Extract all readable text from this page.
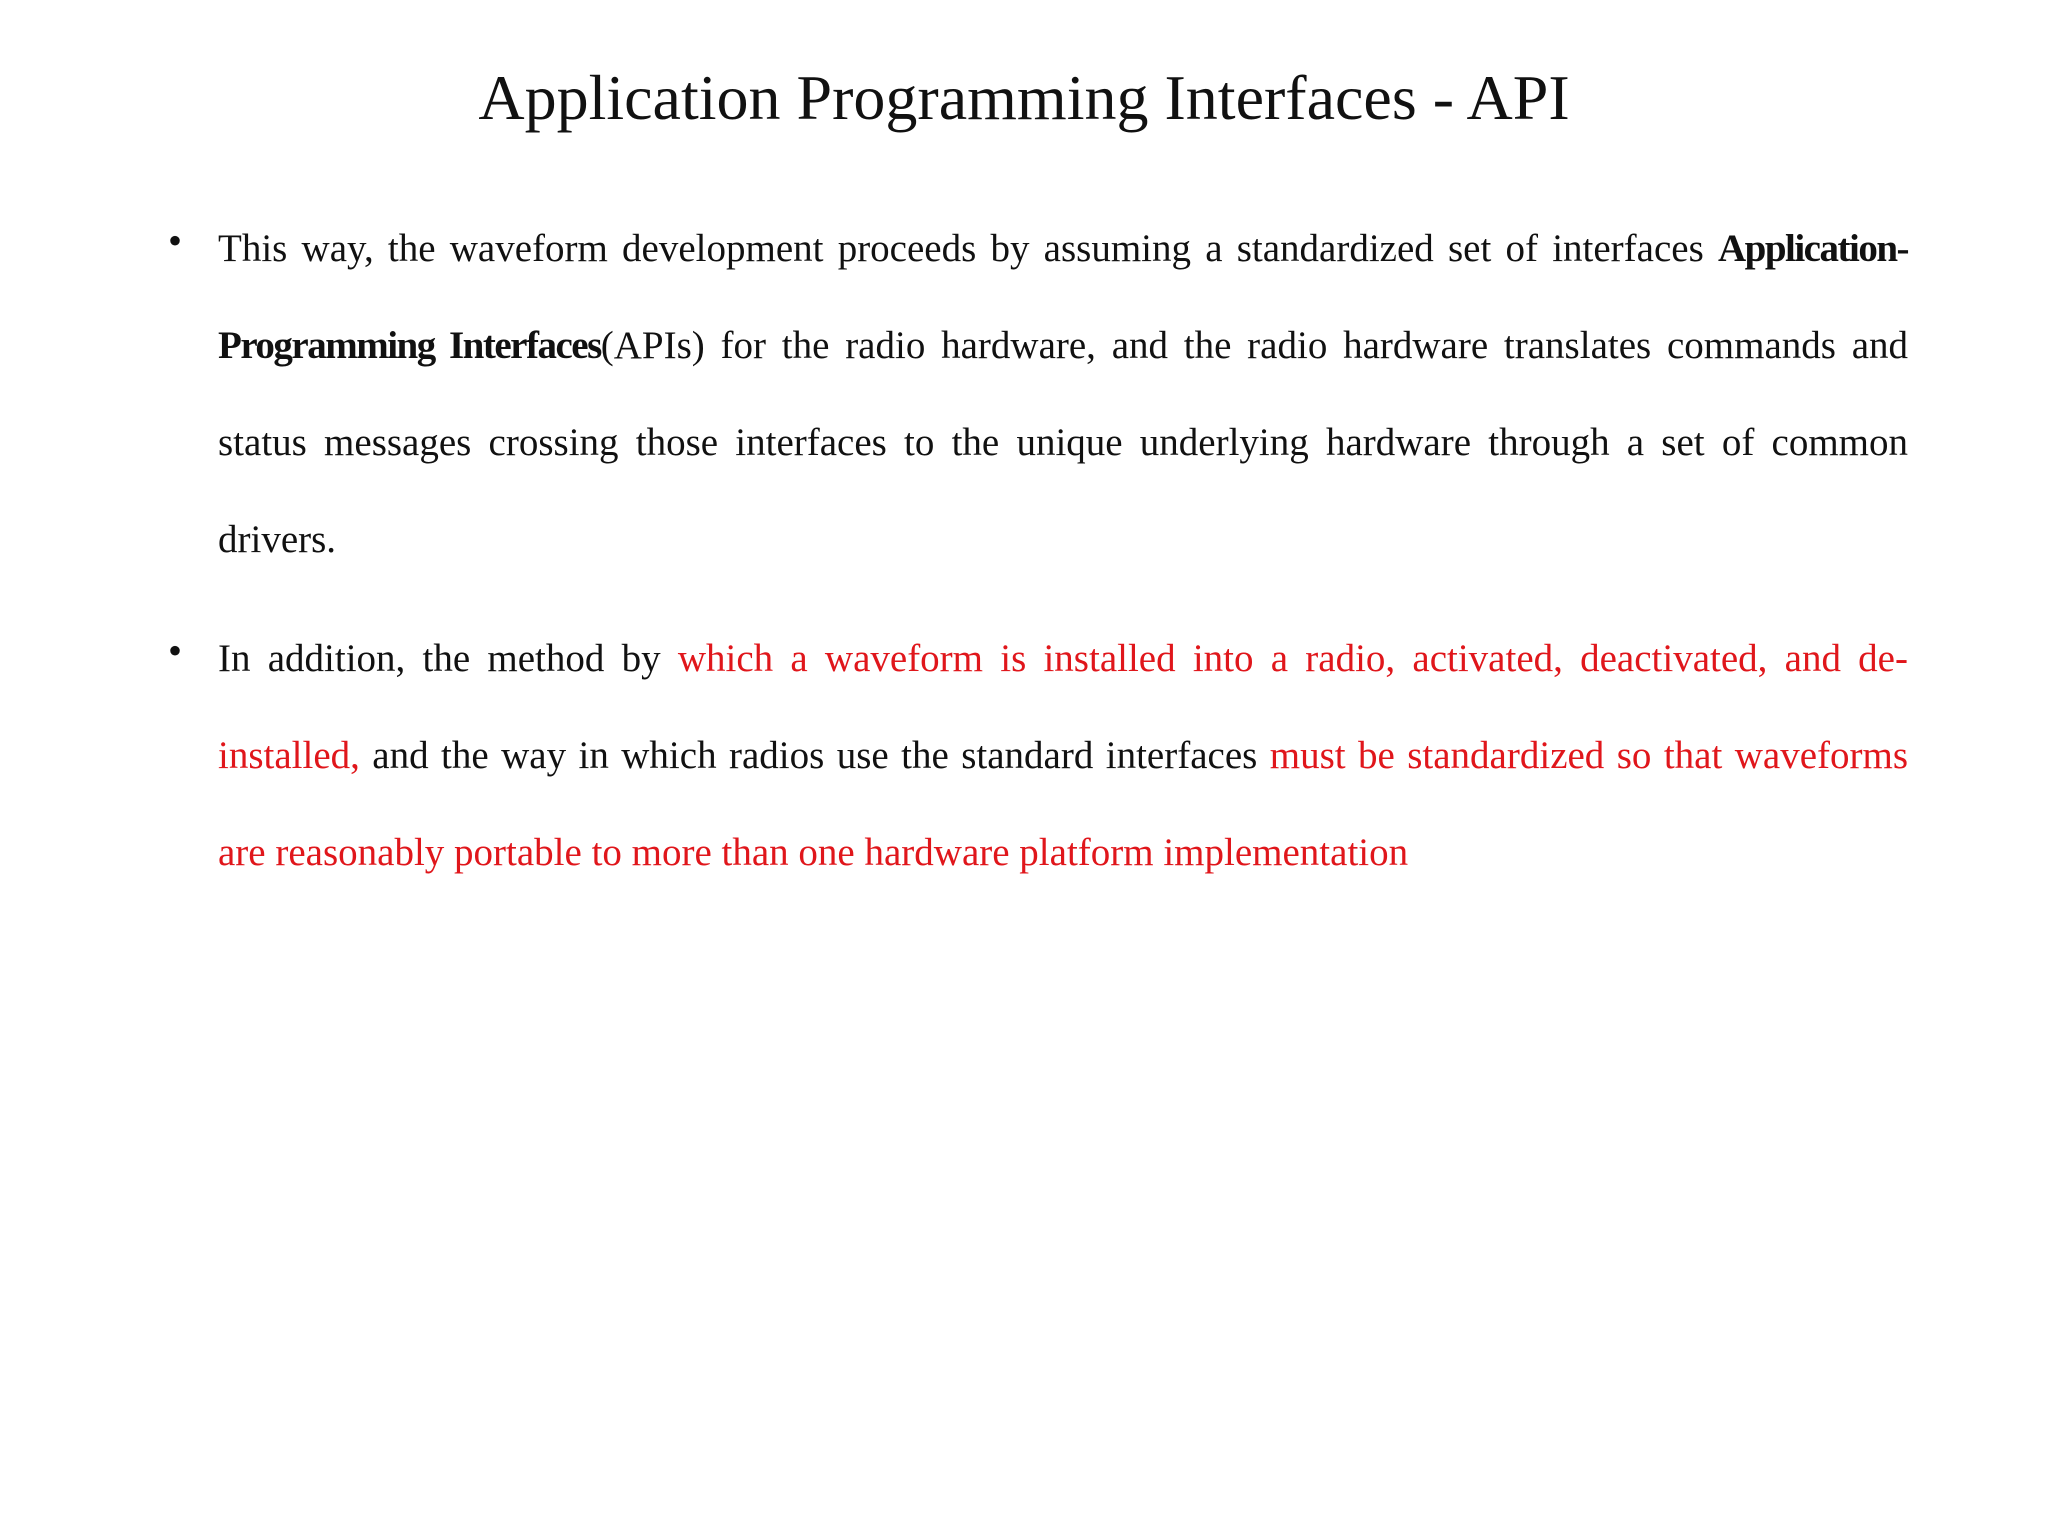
Application Programming Interfaces - API
• This way, the waveform development proceeds by assuming a standardized set of interfaces Application-Programming Interfaces(APIs) for the radio hardware, and the radio hardware translates commands and status messages crossing those interfaces to the unique underlying hardware through a set of common drivers.
• In addition, the method by which a waveform is installed into a radio, activated, deactivated, and de-installed, and the way in which radios use the standard interfaces must be standardized so that waveforms are reasonably portable to more than one hardware platform implementation
